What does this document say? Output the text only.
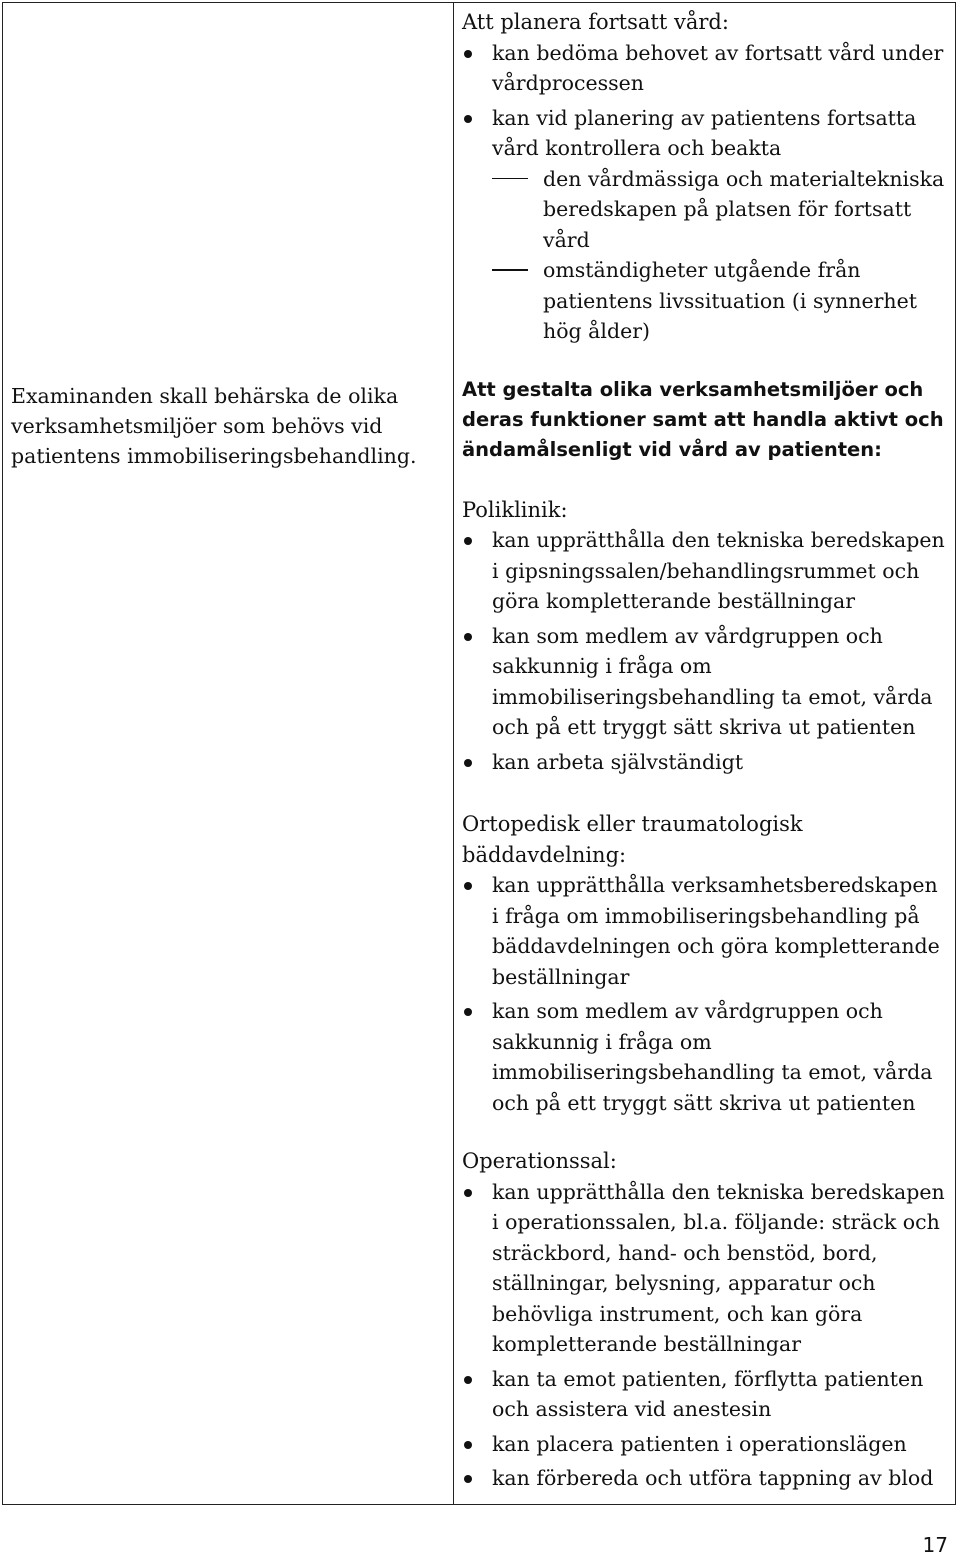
Examinanden skall behärska de olika verksamhetsmiljöer som behövs vid patientens immobiliseringsbehandling.

Att planera fortsatt vård:

kan bedöma behovet av fortsatt vård under vårdprocessen
kan vid planering av patientens fortsatta vård kontrollera och beakta
den vårdmässiga och materialtekniska beredskapen på platsen för fortsatt vård
omständigheter utgående från patientens livssituation (i synnerhet hög ålder)

Att gestalta olika verksamhetsmiljöer och deras funktioner samt att handla aktivt och ändamålsenligt vid vård av patienten:

Poliklinik:

kan upprätthålla den tekniska beredskapen i gipsningssalen/behandlingsrummet och göra kompletterande beställningar
kan som medlem av vårdgruppen och sakkunnig i fråga om immobiliseringsbehandling ta emot, vårda och på ett tryggt sätt skriva ut patienten
kan arbeta självständigt

Ortopedisk eller traumatologisk bäddavdelning:

kan upprätthålla verksamhetsberedskapen i fråga om immobiliseringsbehandling på bäddavdelningen och göra kompletterande beställningar
kan som medlem av vårdgruppen och sakkunnig i fråga om immobiliseringsbehandling ta emot, vårda och på ett tryggt sätt skriva ut patienten

Operationssal:

kan upprätthålla den tekniska beredskapen i operationssalen, bl.a. följande: sträck och sträckbord, hand- och benstöd, bord, ställningar, belysning, apparatur och behövliga instrument, och kan göra kompletterande beställningar
kan ta emot patienten, förflytta patienten och assistera vid anestesin
kan placera patienten i operationslägen
kan förbereda och utföra tappning av blod
17
